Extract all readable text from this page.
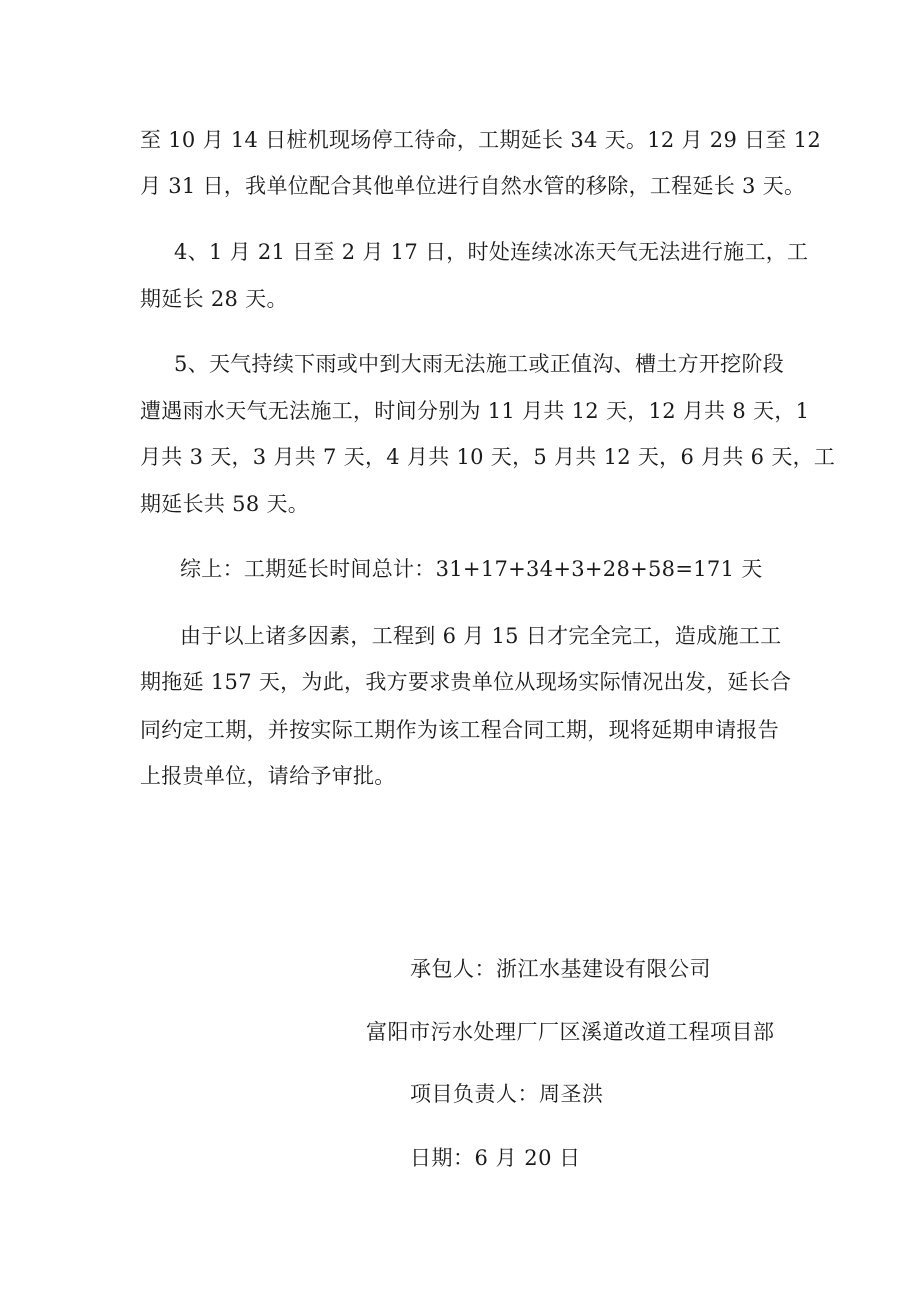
至 10 月 14 日桩机现场停工待命，工期延长 34 天。12 月 29 日至 12
月 31 日，我单位配合其他单位进行自然水管的移除，工程延长 3 天。
4、1 月 21 日至 2 月 17 日，时处连续冰冻天气无法进行施工，工
期延长 28 天。
5、天气持续下雨或中到大雨无法施工或正值沟、槽土方开挖阶段
遭遇雨水天气无法施工，时间分别为 11 月共 12 天，12 月共 8 天，1
月共 3 天，3 月共 7 天，4 月共 10 天，5 月共 12 天，6 月共 6 天，工
期延长共 58 天。
综上：工期延长时间总计：31+17+34+3+28+58=171 天
由于以上诸多因素，工程到 6 月 15 日才完全完工，造成施工工
期拖延 157 天，为此，我方要求贵单位从现场实际情况出发，延长合
同约定工期，并按实际工期作为该工程合同工期，现将延期申请报告
上报贵单位，请给予审批。
承包人：浙江水基建设有限公司
富阳市污水处理厂厂区溪道改道工程项目部
项目负责人：周圣洪
日期：6 月 20 日
